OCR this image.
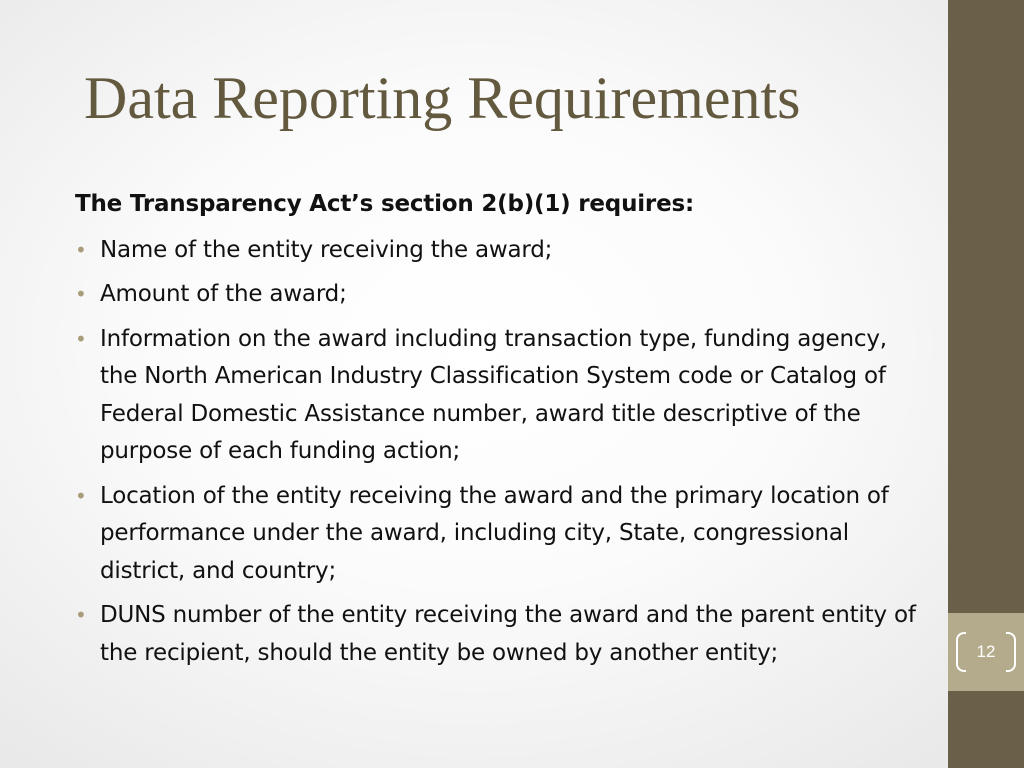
Data Reporting Requirements

The Transparency Act’s section 2(b)(1) requires:

• Name of the entity receiving the award;
• Amount of the award;
• Information on the award including transaction type, funding agency, the North American Industry Classification System code or Catalog of Federal Domestic Assistance number, award title descriptive of the purpose of each funding action;
• Location of the entity receiving the award and the primary location of performance under the award, including city, State, congressional district, and country;
• DUNS number of the entity receiving the award and the parent entity of the recipient, should the entity be owned by another entity;	12
